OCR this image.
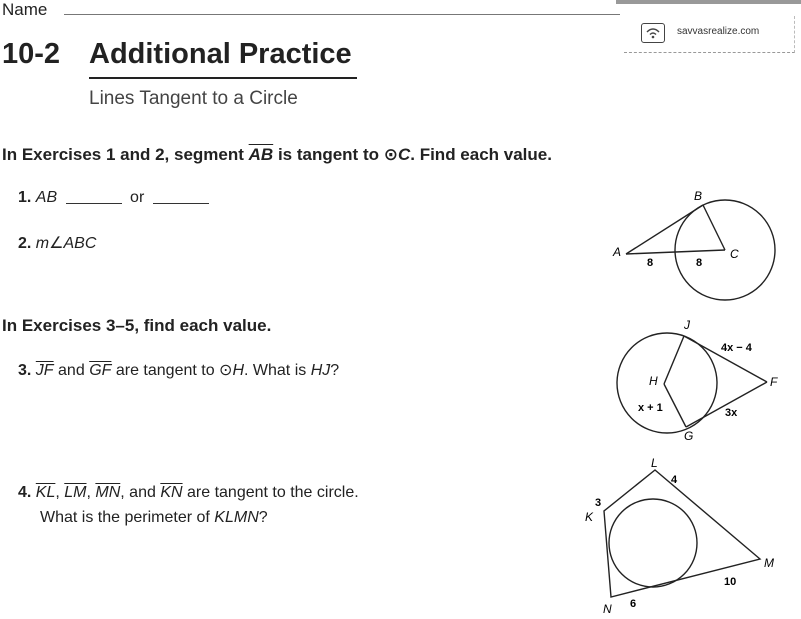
Name
savvasrealize.com
10-2 Additional Practice
Lines Tangent to a Circle
In Exercises 1 and 2, segment $\overline{AB}$ is tangent to ⊙C. Find each value.
1. AB	or
2. m∠ABC
In Exercises 3–5, find each value.
3. $\overline{JF}$ and $\overline{GF}$ are tangent to ⊙H. What is HJ?
4. $\overline{KL}$, $\overline{LM}$, $\overline{MN}$, and $\overline{KN}$ are tangent to the circle.
What is the perimeter of KLMN?
B
A	C
8	8
J
H	F
G
4x − 4
x + 1	3x
L
K
M
N
4
3
10
6
